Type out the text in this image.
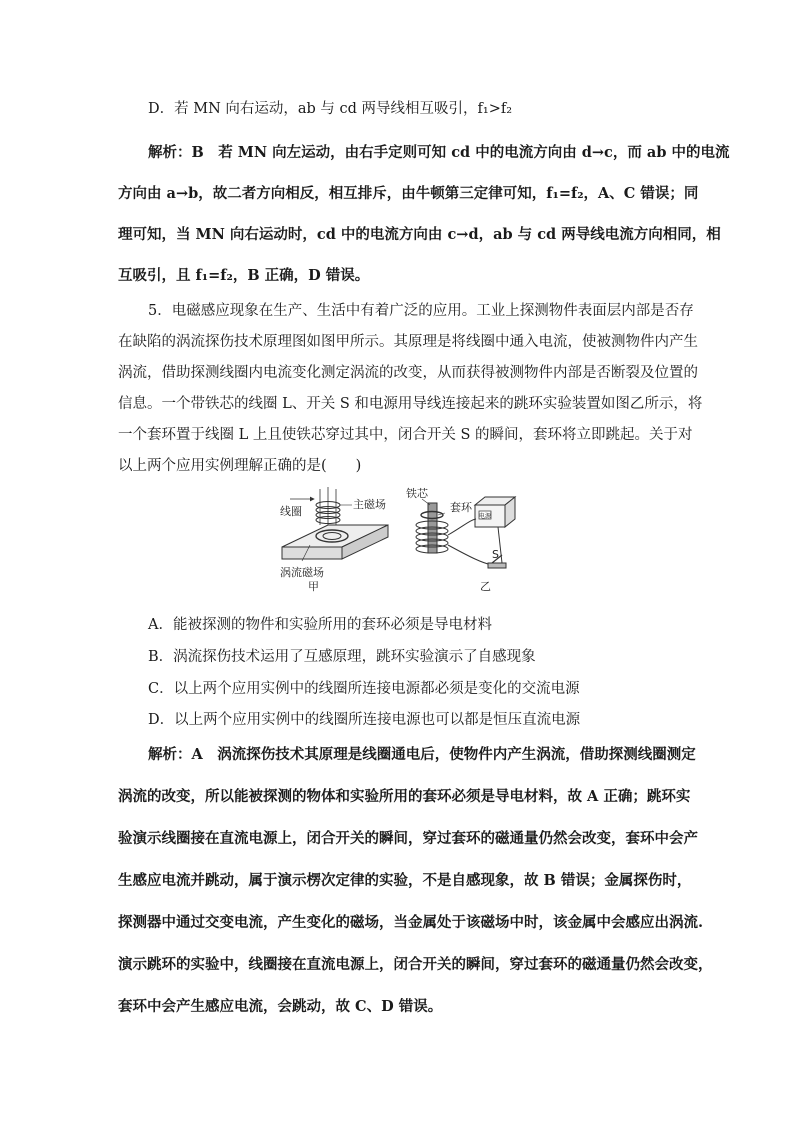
D．若 MN 向右运动，ab 与 cd 两导线相互吸引，f₁>f₂
解析：B　若 MN 向左运动，由右手定则可知 cd 中的电流方向由 d→c，而 ab 中的电流
方向由 a→b，故二者方向相反，相互排斥，由牛顿第三定律可知，f₁=f₂，A、C 错误；同
理可知，当 MN 向右运动时，cd 中的电流方向由 c→d，ab 与 cd 两导线电流方向相同，相
互吸引，且 f₁=f₂，B 正确，D 错误。
5．电磁感应现象在生产、生活中有着广泛的应用。工业上探测物件表面层内部是否存
在缺陷的涡流探伤技术原理图如图甲所示。其原理是将线圈中通入电流，使被测物件内产生
涡流，借助探测线圈内电流变化测定涡流的改变，从而获得被测物件内部是否断裂及位置的
信息。一个带铁芯的线圈 L、开关 S 和电源用导线连接起来的跳环实验装置如图乙所示，将
一个套环置于线圈 L 上且使铁芯穿过其中，闭合开关 S 的瞬间，套环将立即跳起。关于对
以上两个应用实例理解正确的是(　　)
线圈
主磁场
涡流磁场
甲
电源
铁芯
套环
S
乙
A．能被探测的物件和实验所用的套环必须是导电材料
B．涡流探伤技术运用了互感原理，跳环实验演示了自感现象
C．以上两个应用实例中的线圈所连接电源都必须是变化的交流电源
D．以上两个应用实例中的线圈所连接电源也可以都是恒压直流电源
解析：A　涡流探伤技术其原理是线圈通电后，使物件内产生涡流，借助探测线圈测定
涡流的改变，所以能被探测的物体和实验所用的套环必须是导电材料，故 A 正确；跳环实
验演示线圈接在直流电源上，闭合开关的瞬间，穿过套环的磁通量仍然会改变，套环中会产
生感应电流并跳动，属于演示楞次定律的实验，不是自感现象，故 B 错误；金属探伤时，
探测器中通过交变电流，产生变化的磁场，当金属处于该磁场中时，该金属中会感应出涡流.
演示跳环的实验中，线圈接在直流电源上，闭合开关的瞬间，穿过套环的磁通量仍然会改变，
套环中会产生感应电流，会跳动，故 C、D 错误。
